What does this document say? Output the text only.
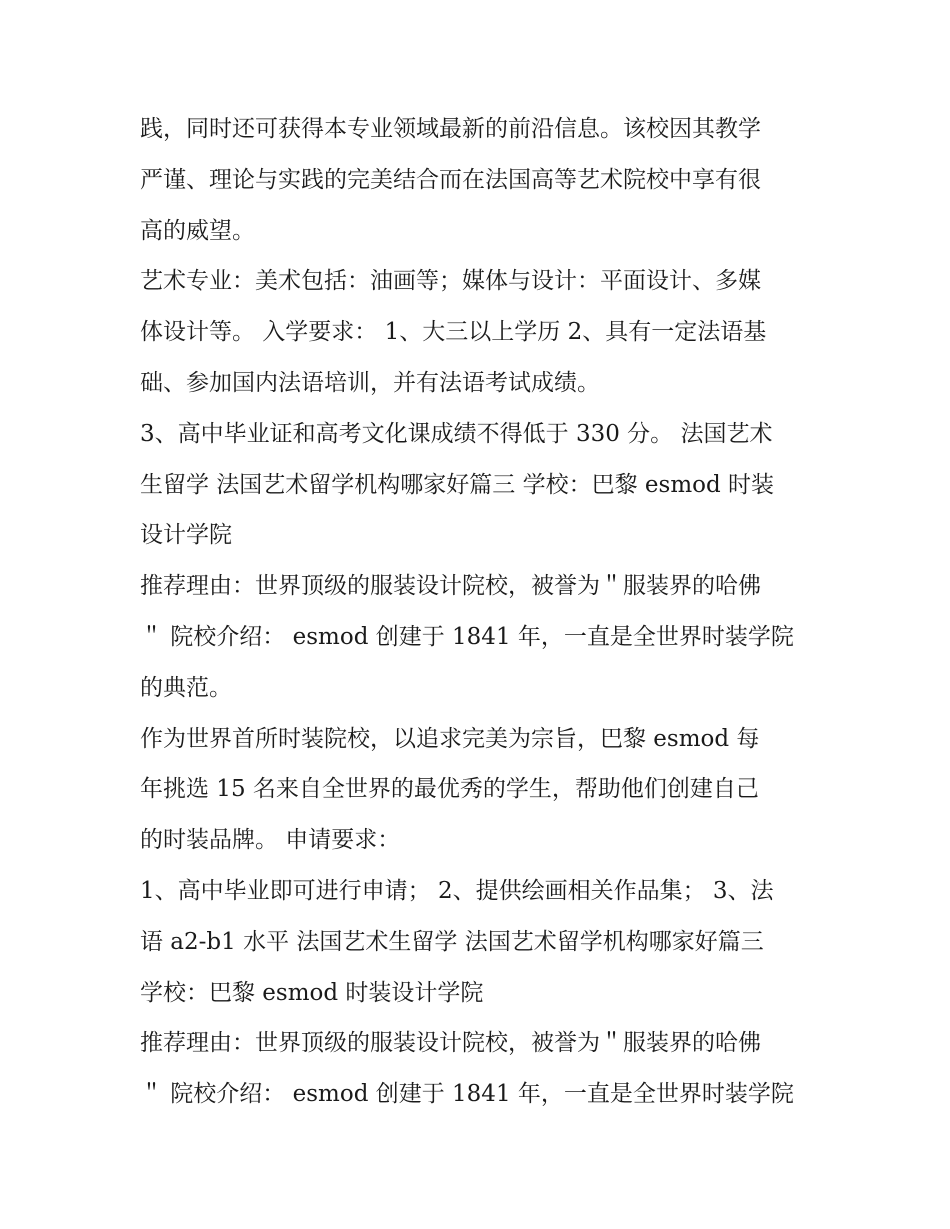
践，同时还可获得本专业领域最新的前沿信息。该校因其教学
严谨、理论与实践的完美结合而在法国高等艺术院校中享有很
高的威望。
艺术专业：美术包括：油画等；媒体与设计：平面设计、多媒
体设计等。 入学要求： 1、大三以上学历 2、具有一定法语基
础、参加国内法语培训，并有法语考试成绩。
3、高中毕业证和高考文化课成绩不得低于 330 分。 法国艺术
生留学 法国艺术留学机构哪家好篇三 学校：巴黎 esmod 时装
设计学院
推荐理由：世界顶级的服装设计院校，被誉为＂服装界的哈佛
＂ 院校介绍： esmod 创建于 1841 年，一直是全世界时装学院
的典范。
作为世界首所时装院校，以追求完美为宗旨，巴黎 esmod 每
年挑选 15 名来自全世界的最优秀的学生，帮助他们创建自己
的时装品牌。 申请要求：
1、高中毕业即可进行申请； 2、提供绘画相关作品集； 3、法
语 a2-b1 水平 法国艺术生留学 法国艺术留学机构哪家好篇三
学校：巴黎 esmod 时装设计学院
推荐理由：世界顶级的服装设计院校，被誉为＂服装界的哈佛
＂ 院校介绍： esmod 创建于 1841 年，一直是全世界时装学院
